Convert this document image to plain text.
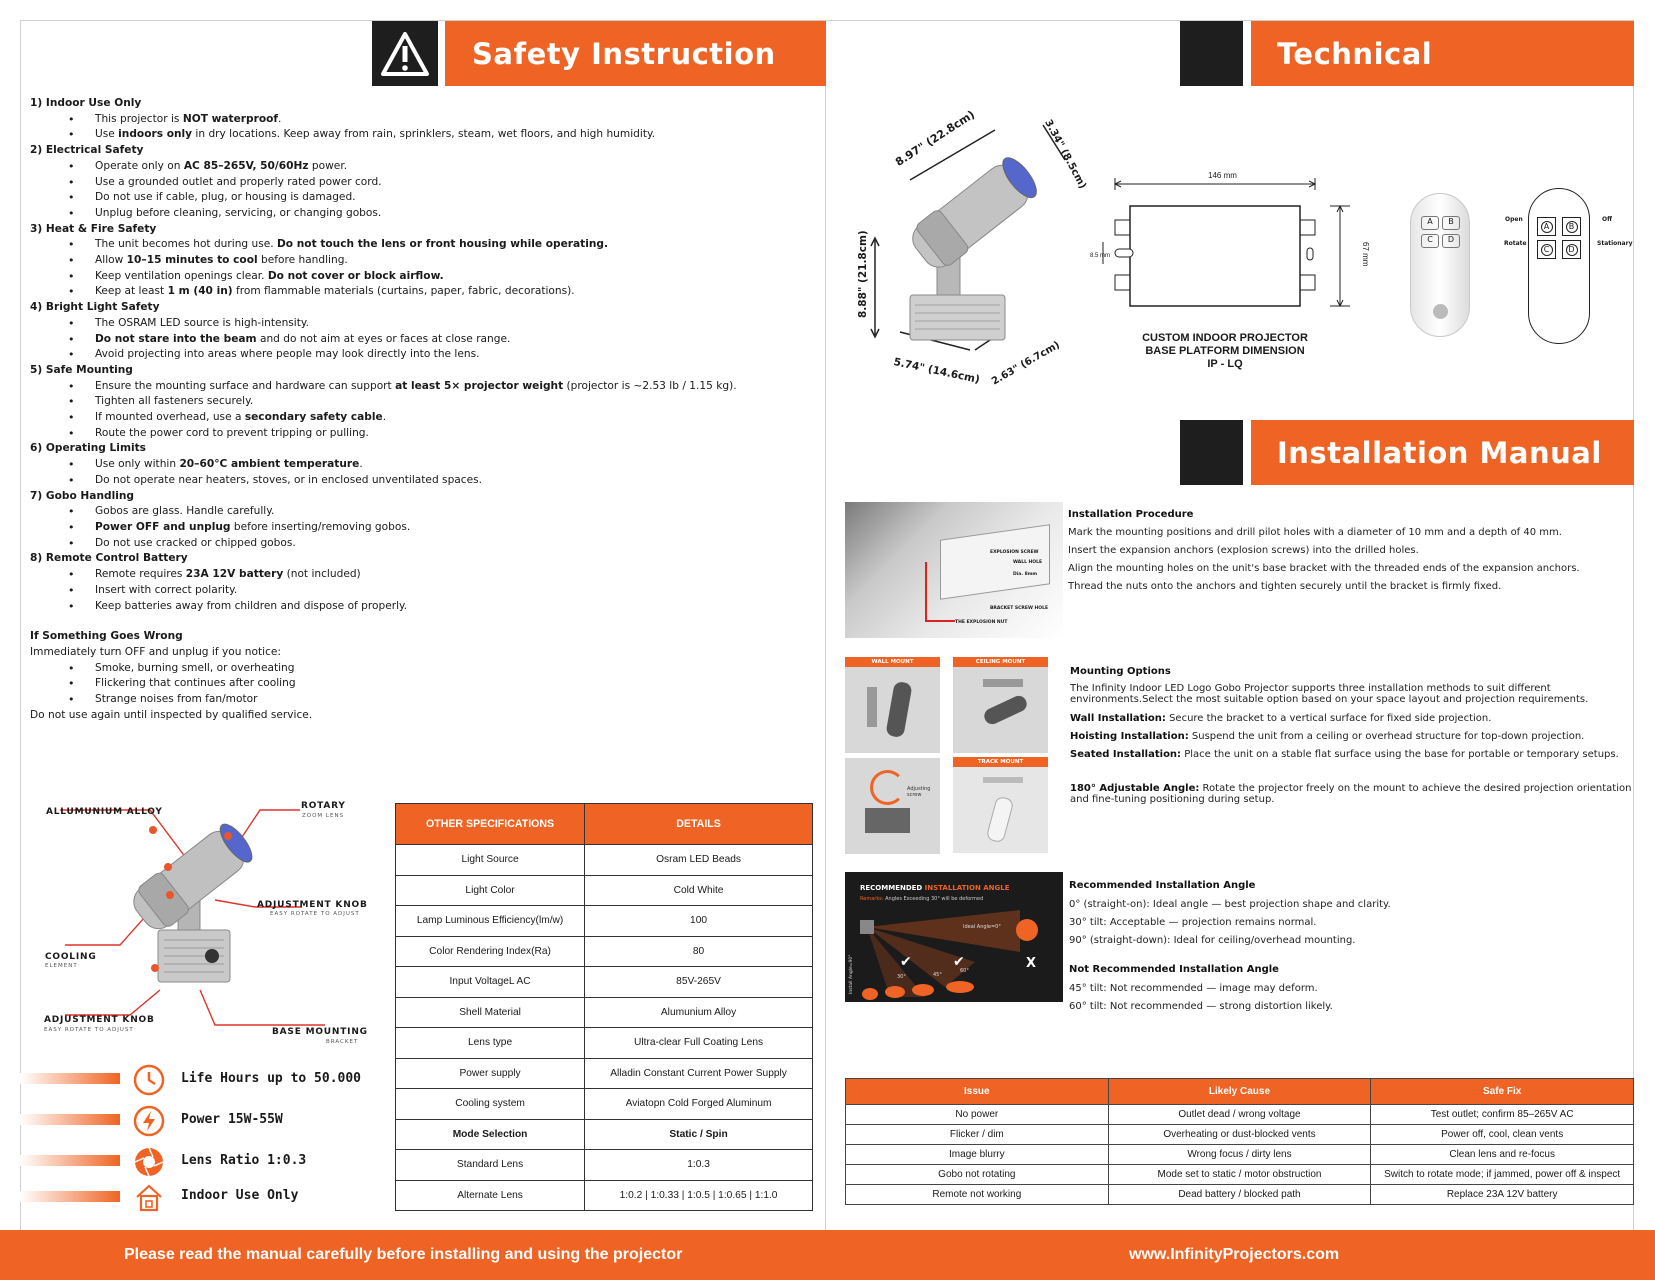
Safety Instruction
1) Indoor Use Only
• This projector is NOT waterproof.
• Use indoors only in dry locations. Keep away from rain, sprinklers, steam, wet floors, and high humidity.
2) Electrical Safety
• Operate only on AC 85–265V, 50/60Hz power.
• Use a grounded outlet and properly rated power cord.
• Do not use if cable, plug, or housing is damaged.
• Unplug before cleaning, servicing, or changing gobos.
3) Heat & Fire Safety
• The unit becomes hot during use. Do not touch the lens or front housing while operating.
• Allow 10–15 minutes to cool before handling.
• Keep ventilation openings clear. Do not cover or block airflow.
• Keep at least 1 m (40 in) from flammable materials (curtains, paper, fabric, decorations).
4) Bright Light Safety
• The OSRAM LED source is high-intensity.
• Do not stare into the beam and do not aim at eyes or faces at close range.
• Avoid projecting into areas where people may look directly into the lens.
5) Safe Mounting
• Ensure the mounting surface and hardware can support at least 5× projector weight (projector is ~2.53 lb / 1.15 kg).
• Tighten all fasteners securely.
• If mounted overhead, use a secondary safety cable.
• Route the power cord to prevent tripping or pulling.
6) Operating Limits
• Use only within 20–60°C ambient temperature.
• Do not operate near heaters, stoves, or in enclosed unventilated spaces.
7) Gobo Handling
• Gobos are glass. Handle carefully.
• Power OFF and unplug before inserting/removing gobos.
• Do not use cracked or chipped gobos.
8) Remote Control Battery
• Remote requires 23A 12V battery (not included)
• Insert with correct polarity.
• Keep batteries away from children and dispose of properly.
If Something Goes Wrong
Immediately turn OFF and unplug if you notice:
• Smoke, burning smell, or overheating
• Flickering that continues after cooling
• Strange noises from fan/motor
Do not use again until inspected by qualified service.
ALLUMUNIUM ALLOY
ROTARY
ZOOM LENS
ADJUSTMENT KNOB
EASY ROTATE TO ADJUST
COOLING
ELEMENT
ADJUSTMENT KNOB
EASY ROTATE TO ADJUST	BASE MOUNTING
BRACKET
Life Hours up to 50.000
Power 15W-55W
Lens Ratio 1:0.3
Indoor Use Only
OTHER SPECIFICATIONS	DETAILS
Light Source	Osram LED Beads
Light Color	Cold White
Lamp Luminous Efficiency(lm/w)	100
Color Rendering Index(Ra)	80
Input VoltageL AC	85V-265V
Shell Material	Alumunium Alloy
Lens type	Ultra-clear Full Coating Lens
Power supply	Alladin Constant Current Power Supply
Cooling system	Aviatopn Cold Forged Aluminum
Mode Selection	Static / Spin
Standard Lens	1:0.3
Alternate Lens	1:0.2 | 1:0.33 | 1:0.5 | 1:0.65 | 1:1.0
Technical
8.97" (22.8cm)	3.34" (8.5cm)
8.88" (21.8cm)
5.74" (14.6cm) 2.63" (6.7cm)
146 mm
67 mm
8.5 mm
CUSTOM INDOOR PROJECTOR
BASE PLATFORM DIMENSION
IP - LQ
A	B
C	D
A	B
C	D
Open	Off
Rotate	Stationary
Installation Manual
EXPLOSION SCREW
WALL HOLE
Dia. 8mm
BRACKET SCREW HOLE
THE EXPLOSION NUT
Installation Procedure
Mark the mounting positions and drill pilot holes with a diameter of 10 mm and a depth of 40 mm.
Insert the expansion anchors (explosion screws) into the drilled holes.
Align the mounting holes on the unit's base bracket with the threaded ends of the expansion anchors.
Thread the nuts onto the anchors and tighten securely until the bracket is firmly fixed.
WALL MOUNT	CEILING MOUNT
Adjusting screw
TRACK MOUNT
Mounting Options
The Infinity Indoor LED Logo Gobo Projector supports three installation methods to suit different environments.Select the most suitable option based on your space layout and projection requirements.
Wall Installation: Secure the bracket to a vertical surface for fixed side projection.
Hoisting Installation: Suspend the unit from a ceiling or overhead structure for top-down projection.
Seated Installation: Place the unit on a stable flat surface using the base for portable or temporary setups.
180° Adjustable Angle: Rotate the projector freely on the mount to achieve the desired projection orientation and fine-tuning positioning during setup.
RECOMMENDED INSTALLATION ANGLE
Remarks: Angles Exceeding 30° will be deformed
Ideal Angle=0°
✔	✔	X
30°	45°
60°
Install Angle=90°
Recommended Installation Angle
0° (straight-on): Ideal angle — best projection shape and clarity.
30° tilt: Acceptable — projection remains normal.
90° (straight-down): Ideal for ceiling/overhead mounting.
Not Recommended Installation Angle
45° tilt: Not recommended — image may deform.
60° tilt: Not recommended — strong distortion likely.
Issue	Likely Cause	Safe Fix
No power	Outlet dead / wrong voltage	Test outlet; confirm 85–265V AC
Flicker / dim	Overheating or dust-blocked vents	Power off, cool, clean vents
Image blurry	Wrong focus / dirty lens	Clean lens and re-focus
Gobo not rotating	Mode set to static / motor obstruction	Switch to rotate mode; if jammed, power off & inspect
Remote not working	Dead battery / blocked path	Replace 23A 12V battery
Please read the manual carefully before installing and using the projector	www.InfinityProjectors.com
